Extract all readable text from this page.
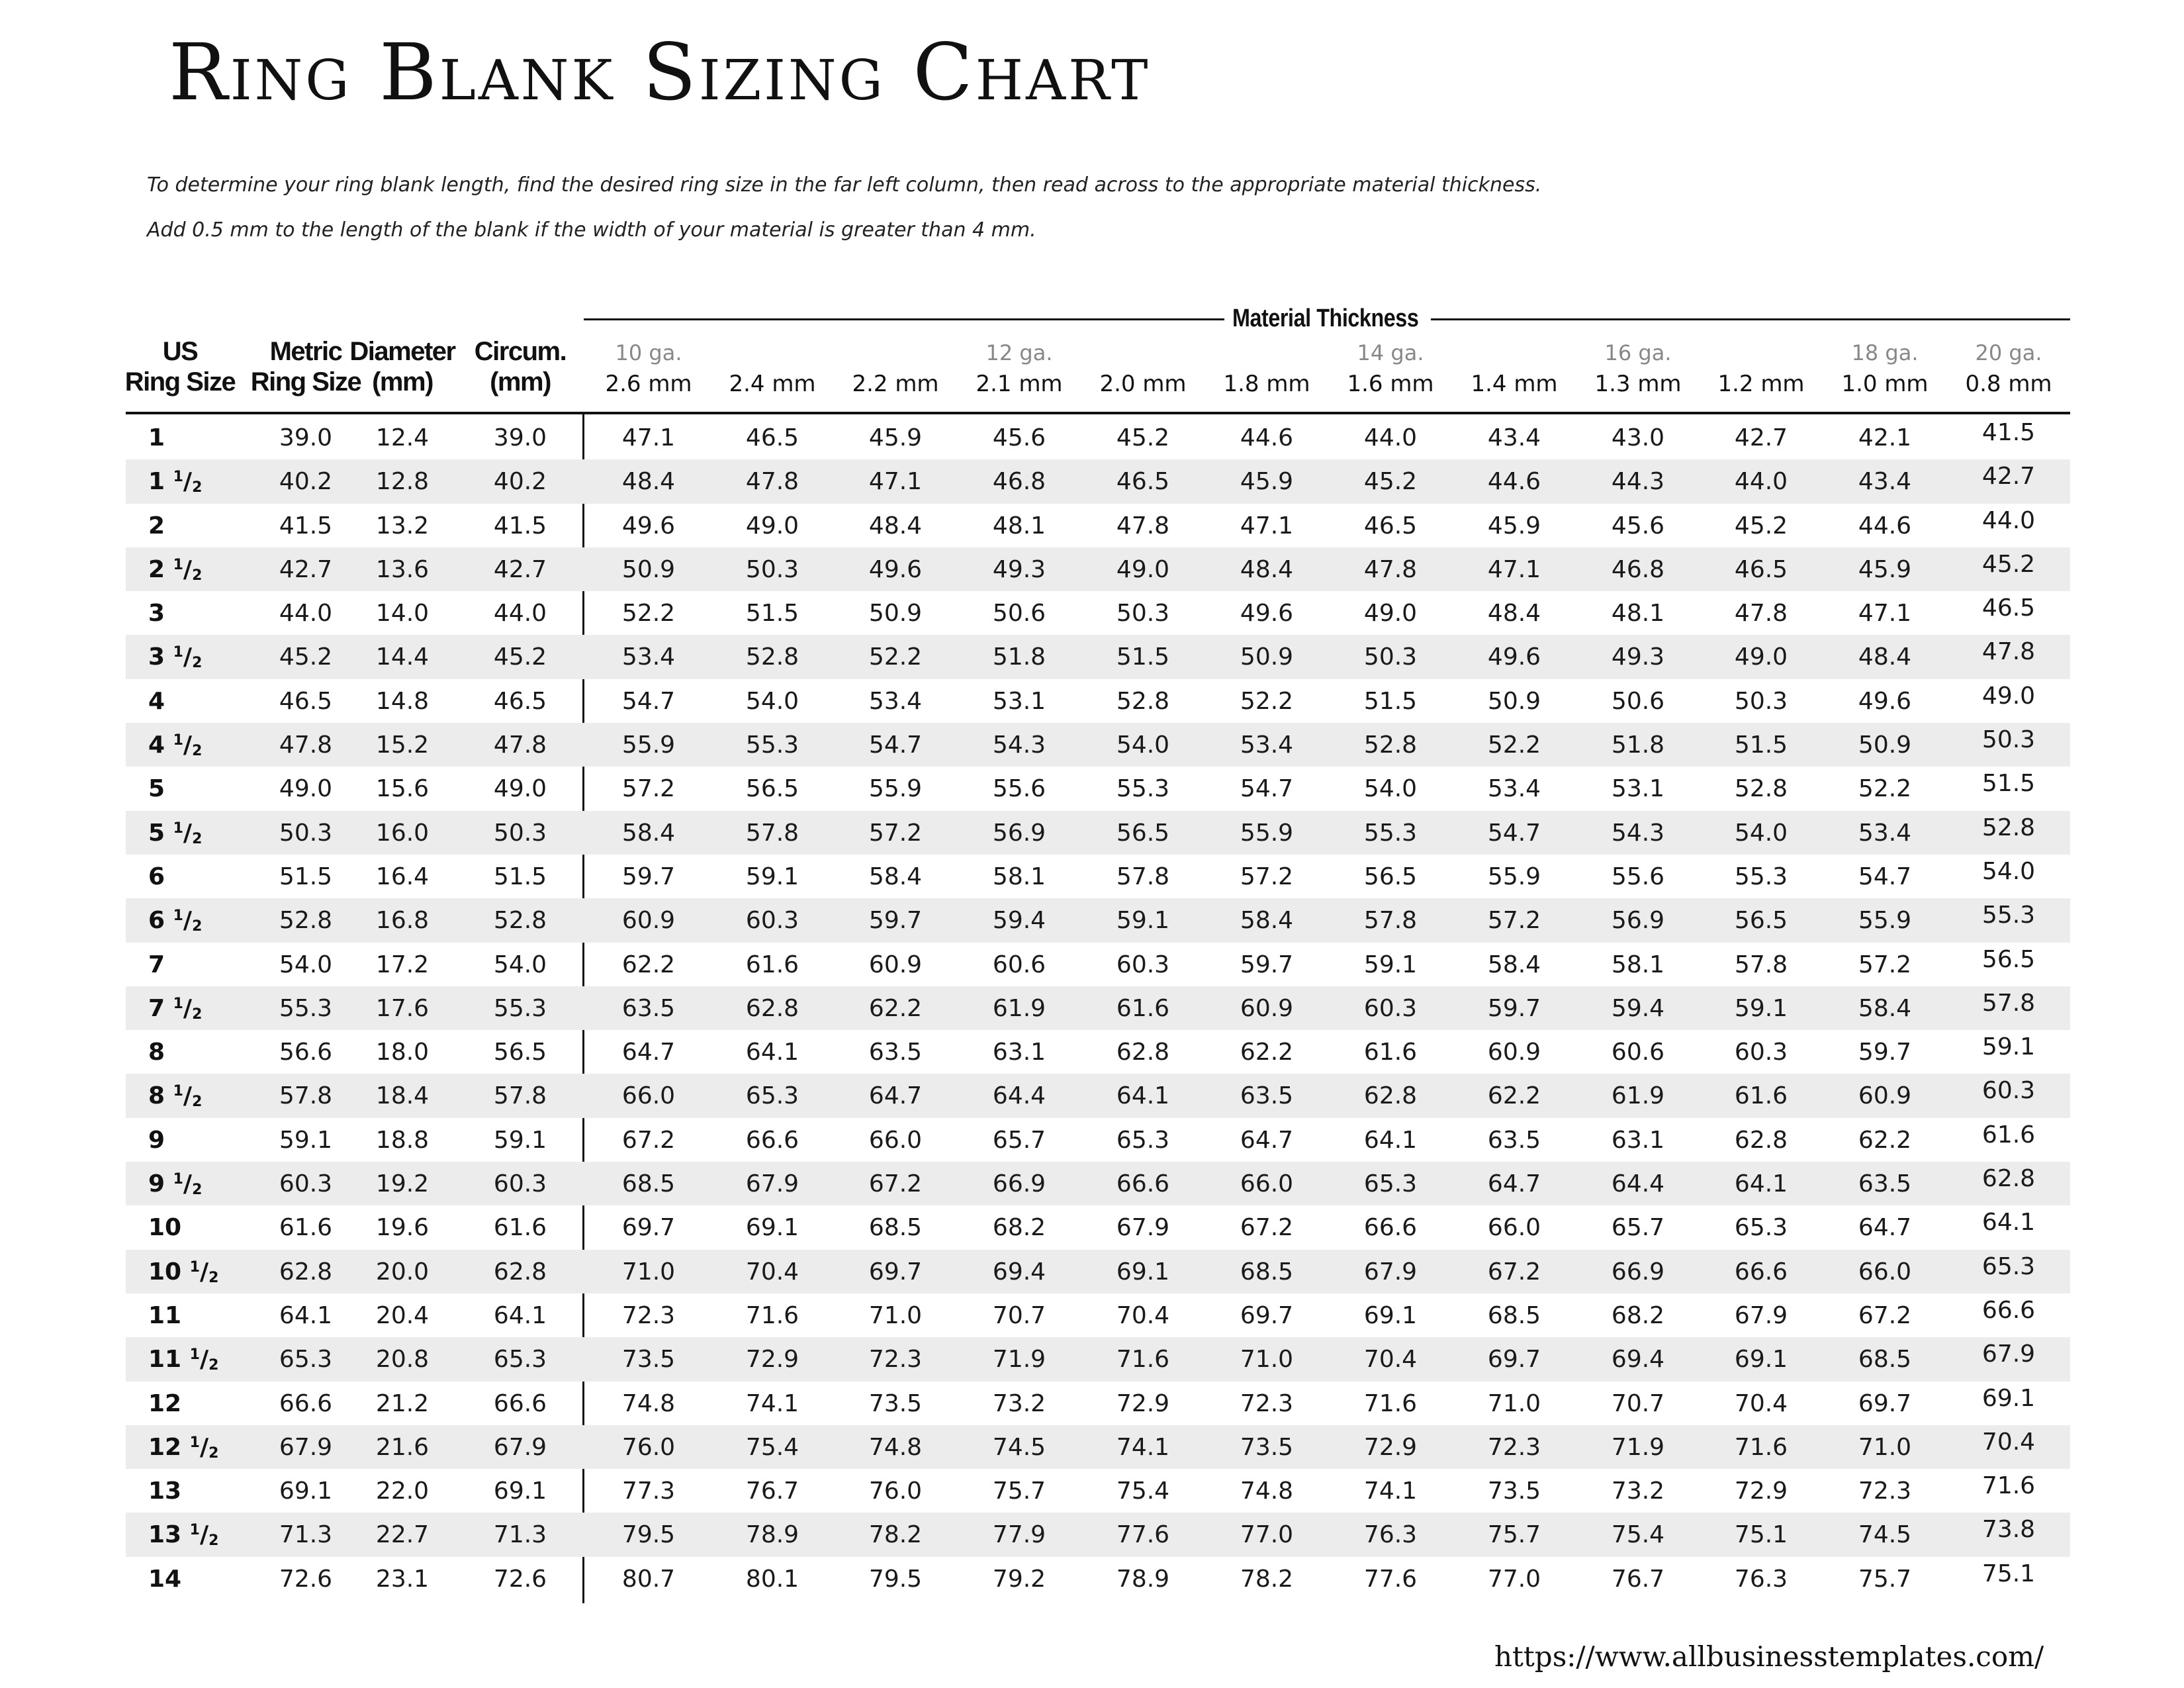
Ring Blank Sizing Chart
To determine your ring blank length, find the desired ring size in the far left column, then read across to the appropriate material thickness.
Add 0.5 mm to the length of the blank if the width of your material is greater than 4 mm.
Material Thickness
US
Ring Size
Metric
Ring Size
Diameter
(mm)
Circum.
(mm)
10 ga.
2.6 mm	2.4 mm	2.2 mm
12 ga.
2.1 mm	2.0 mm	1.8 mm
14 ga.
1.6 mm	1.4 mm
16 ga.
1.3 mm	1.2 mm
18 ga.
1.0 mm
20 ga.
0.8 mm
1	39.0	12.4	39.0	47.1	46.5	45.9	45.6	45.2	44.6	44.0	43.4	43.0	42.7	42.1	41.5
1 $^1$/2	40.2	12.8	40.2	48.4	47.8	47.1	46.8	46.5	45.9	45.2	44.6	44.3	44.0	43.4	42.7
2	41.5	13.2	41.5	49.6	49.0	48.4	48.1	47.8	47.1	46.5	45.9	45.6	45.2	44.6	44.0
2 $^1$/2	42.7	13.6	42.7	50.9	50.3	49.6	49.3	49.0	48.4	47.8	47.1	46.8	46.5	45.9	45.2
3	44.0	14.0	44.0	52.2	51.5	50.9	50.6	50.3	49.6	49.0	48.4	48.1	47.8	47.1	46.5
3 $^1$/2	45.2	14.4	45.2	53.4	52.8	52.2	51.8	51.5	50.9	50.3	49.6	49.3	49.0	48.4	47.8
4	46.5	14.8	46.5	54.7	54.0	53.4	53.1	52.8	52.2	51.5	50.9	50.6	50.3	49.6	49.0
4 $^1$/2	47.8	15.2	47.8	55.9	55.3	54.7	54.3	54.0	53.4	52.8	52.2	51.8	51.5	50.9	50.3
5	49.0	15.6	49.0	57.2	56.5	55.9	55.6	55.3	54.7	54.0	53.4	53.1	52.8	52.2	51.5
5 $^1$/2	50.3	16.0	50.3	58.4	57.8	57.2	56.9	56.5	55.9	55.3	54.7	54.3	54.0	53.4	52.8
6	51.5	16.4	51.5	59.7	59.1	58.4	58.1	57.8	57.2	56.5	55.9	55.6	55.3	54.7	54.0
6 $^1$/2	52.8	16.8	52.8	60.9	60.3	59.7	59.4	59.1	58.4	57.8	57.2	56.9	56.5	55.9	55.3
7	54.0	17.2	54.0	62.2	61.6	60.9	60.6	60.3	59.7	59.1	58.4	58.1	57.8	57.2	56.5
7 $^1$/2	55.3	17.6	55.3	63.5	62.8	62.2	61.9	61.6	60.9	60.3	59.7	59.4	59.1	58.4	57.8
8	56.6	18.0	56.5	64.7	64.1	63.5	63.1	62.8	62.2	61.6	60.9	60.6	60.3	59.7	59.1
8 $^1$/2	57.8	18.4	57.8	66.0	65.3	64.7	64.4	64.1	63.5	62.8	62.2	61.9	61.6	60.9	60.3
9	59.1	18.8	59.1	67.2	66.6	66.0	65.7	65.3	64.7	64.1	63.5	63.1	62.8	62.2	61.6
9 $^1$/2	60.3	19.2	60.3	68.5	67.9	67.2	66.9	66.6	66.0	65.3	64.7	64.4	64.1	63.5	62.8
10	61.6	19.6	61.6	69.7	69.1	68.5	68.2	67.9	67.2	66.6	66.0	65.7	65.3	64.7	64.1
10 $^1$/2	62.8	20.0	62.8	71.0	70.4	69.7	69.4	69.1	68.5	67.9	67.2	66.9	66.6	66.0	65.3
11	64.1	20.4	64.1	72.3	71.6	71.0	70.7	70.4	69.7	69.1	68.5	68.2	67.9	67.2	66.6
11 $^1$/2	65.3	20.8	65.3	73.5	72.9	72.3	71.9	71.6	71.0	70.4	69.7	69.4	69.1	68.5	67.9
12	66.6	21.2	66.6	74.8	74.1	73.5	73.2	72.9	72.3	71.6	71.0	70.7	70.4	69.7	69.1
12 $^1$/2	67.9	21.6	67.9	76.0	75.4	74.8	74.5	74.1	73.5	72.9	72.3	71.9	71.6	71.0	70.4
13	69.1	22.0	69.1	77.3	76.7	76.0	75.7	75.4	74.8	74.1	73.5	73.2	72.9	72.3	71.6
13 $^1$/2	71.3	22.7	71.3	79.5	78.9	78.2	77.9	77.6	77.0	76.3	75.7	75.4	75.1	74.5	73.8
14	72.6	23.1	72.6	80.7	80.1	79.5	79.2	78.9	78.2	77.6	77.0	76.7	76.3	75.7	75.1
https://www.allbusinesstemplates.com/
